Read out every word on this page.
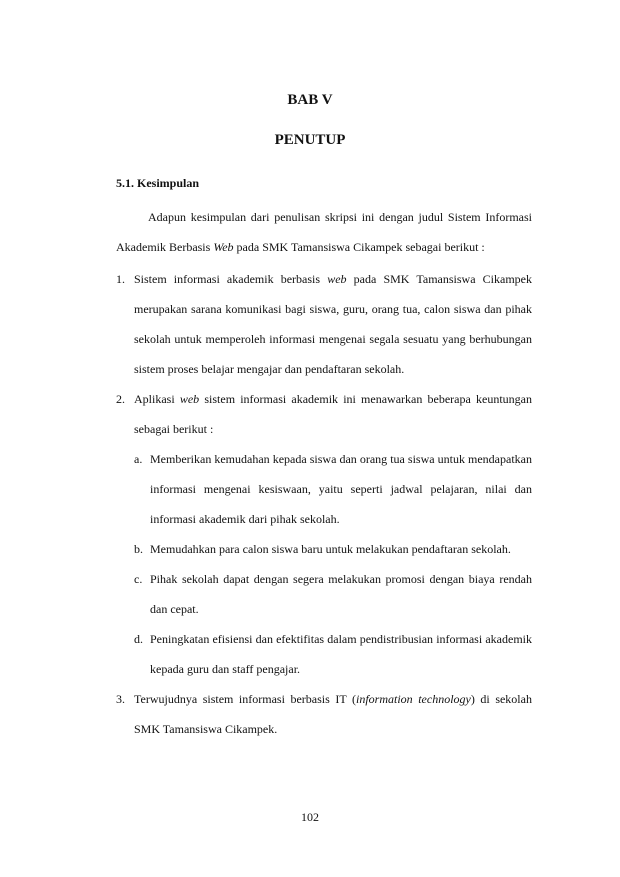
BAB V
PENUTUP
5.1. Kesimpulan
Adapun kesimpulan dari penulisan skripsi ini dengan judul Sistem Informasi Akademik Berbasis Web pada SMK Tamansiswa Cikampek sebagai berikut :
1. Sistem informasi akademik berbasis web pada SMK Tamansiswa Cikampek merupakan sarana komunikasi bagi siswa, guru, orang tua, calon siswa dan pihak sekolah untuk memperoleh informasi mengenai segala sesuatu yang berhubungan sistem proses belajar mengajar dan pendaftaran sekolah.
2. Aplikasi web sistem informasi akademik ini menawarkan beberapa keuntungan sebagai berikut :
a. Memberikan kemudahan kepada siswa dan orang tua siswa untuk mendapatkan informasi mengenai kesiswaan, yaitu seperti jadwal pelajaran, nilai dan informasi akademik dari pihak sekolah.
b. Memudahkan para calon siswa baru untuk melakukan pendaftaran sekolah.
c. Pihak sekolah dapat dengan segera melakukan promosi dengan biaya rendah dan cepat.
d. Peningkatan efisiensi dan efektifitas dalam pendistribusian informasi akademik kepada guru dan staff pengajar.
3. Terwujudnya sistem informasi berbasis IT (information technology) di sekolah SMK Tamansiswa Cikampek.
102
